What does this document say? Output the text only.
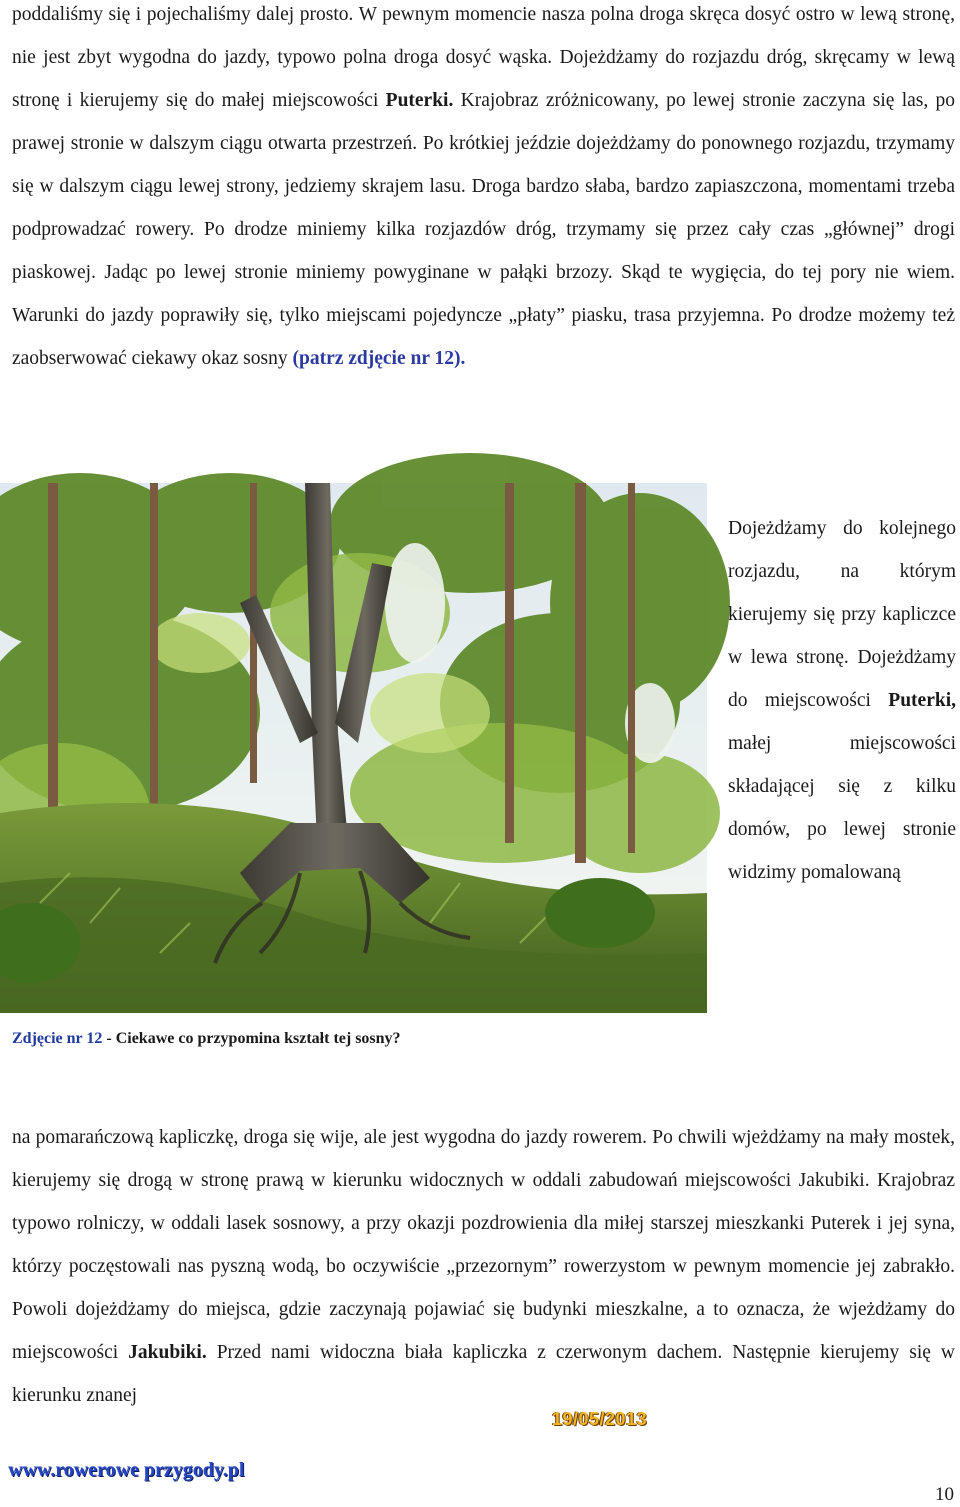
poddaliśmy się i pojechaliśmy dalej prosto. W pewnym momencie nasza polna droga skręca dosyć ostro w lewą stronę, nie jest zbyt wygodna do jazdy, typowo polna droga dosyć wąska. Dojeżdżamy do rozjazdu dróg, skręcamy w lewą stronę i kierujemy się do małej miejscowości Puterki. Krajobraz zróżnicowany, po lewej stronie zaczyna się las, po prawej stronie w dalszym ciągu otwarta przestrzeń. Po krótkiej jeździe dojeżdżamy do ponownego rozjazdu, trzymamy się w dalszym ciągu lewej strony, jedziemy skrajem lasu. Droga bardzo słaba, bardzo zapiaszczona, momentami trzeba podprowadzać rowery. Po drodze miniemy kilka rozjazdów dróg, trzymamy się przez cały czas „głównej” drogi piaskowej. Jadąc po lewej stronie miniemy powyginane w pałąki brzozy. Skąd te wygięcia, do tej pory nie wiem. Warunki do jazdy poprawiły się, tylko miejscami pojedyncze „płaty” piasku, trasa przyjemna. Po drodze możemy też zaobserwować ciekawy okaz sosny (patrz zdjęcie nr 12).
19/05/2013
www.rowerowe przygody.pl
Zdjęcie nr 12 - Ciekawe co przypomina kształt tej sosny?
Dojeżdżamy do kolejnego rozjazdu, na którym kierujemy się przy kapliczce w lewa stronę. Dojeżdżamy do miejscowości Puterki, małej miejscowości składającej się z kilku domów, po lewej stronie widzimy pomalowaną
na pomarańczową kapliczkę, droga się wije, ale jest wygodna do jazdy rowerem. Po chwili wjeżdżamy na mały mostek, kierujemy się drogą w stronę prawą w kierunku widocznych w oddali zabudowań miejscowości Jakubiki. Krajobraz typowo rolniczy, w oddali lasek sosnowy, a przy okazji pozdrowienia dla miłej starszej mieszkanki Puterek i jej syna, którzy poczęstowali nas pyszną wodą, bo oczywiście „przezornym” rowerzystom w pewnym momencie jej zabrakło. Powoli dojeżdżamy do miejsca, gdzie zaczynają pojawiać się budynki mieszkalne, a to oznacza, że wjeżdżamy do miejscowości Jakubiki. Przed nami widoczna biała kapliczka z czerwonym dachem. Następnie kierujemy się w kierunku znanej
10
